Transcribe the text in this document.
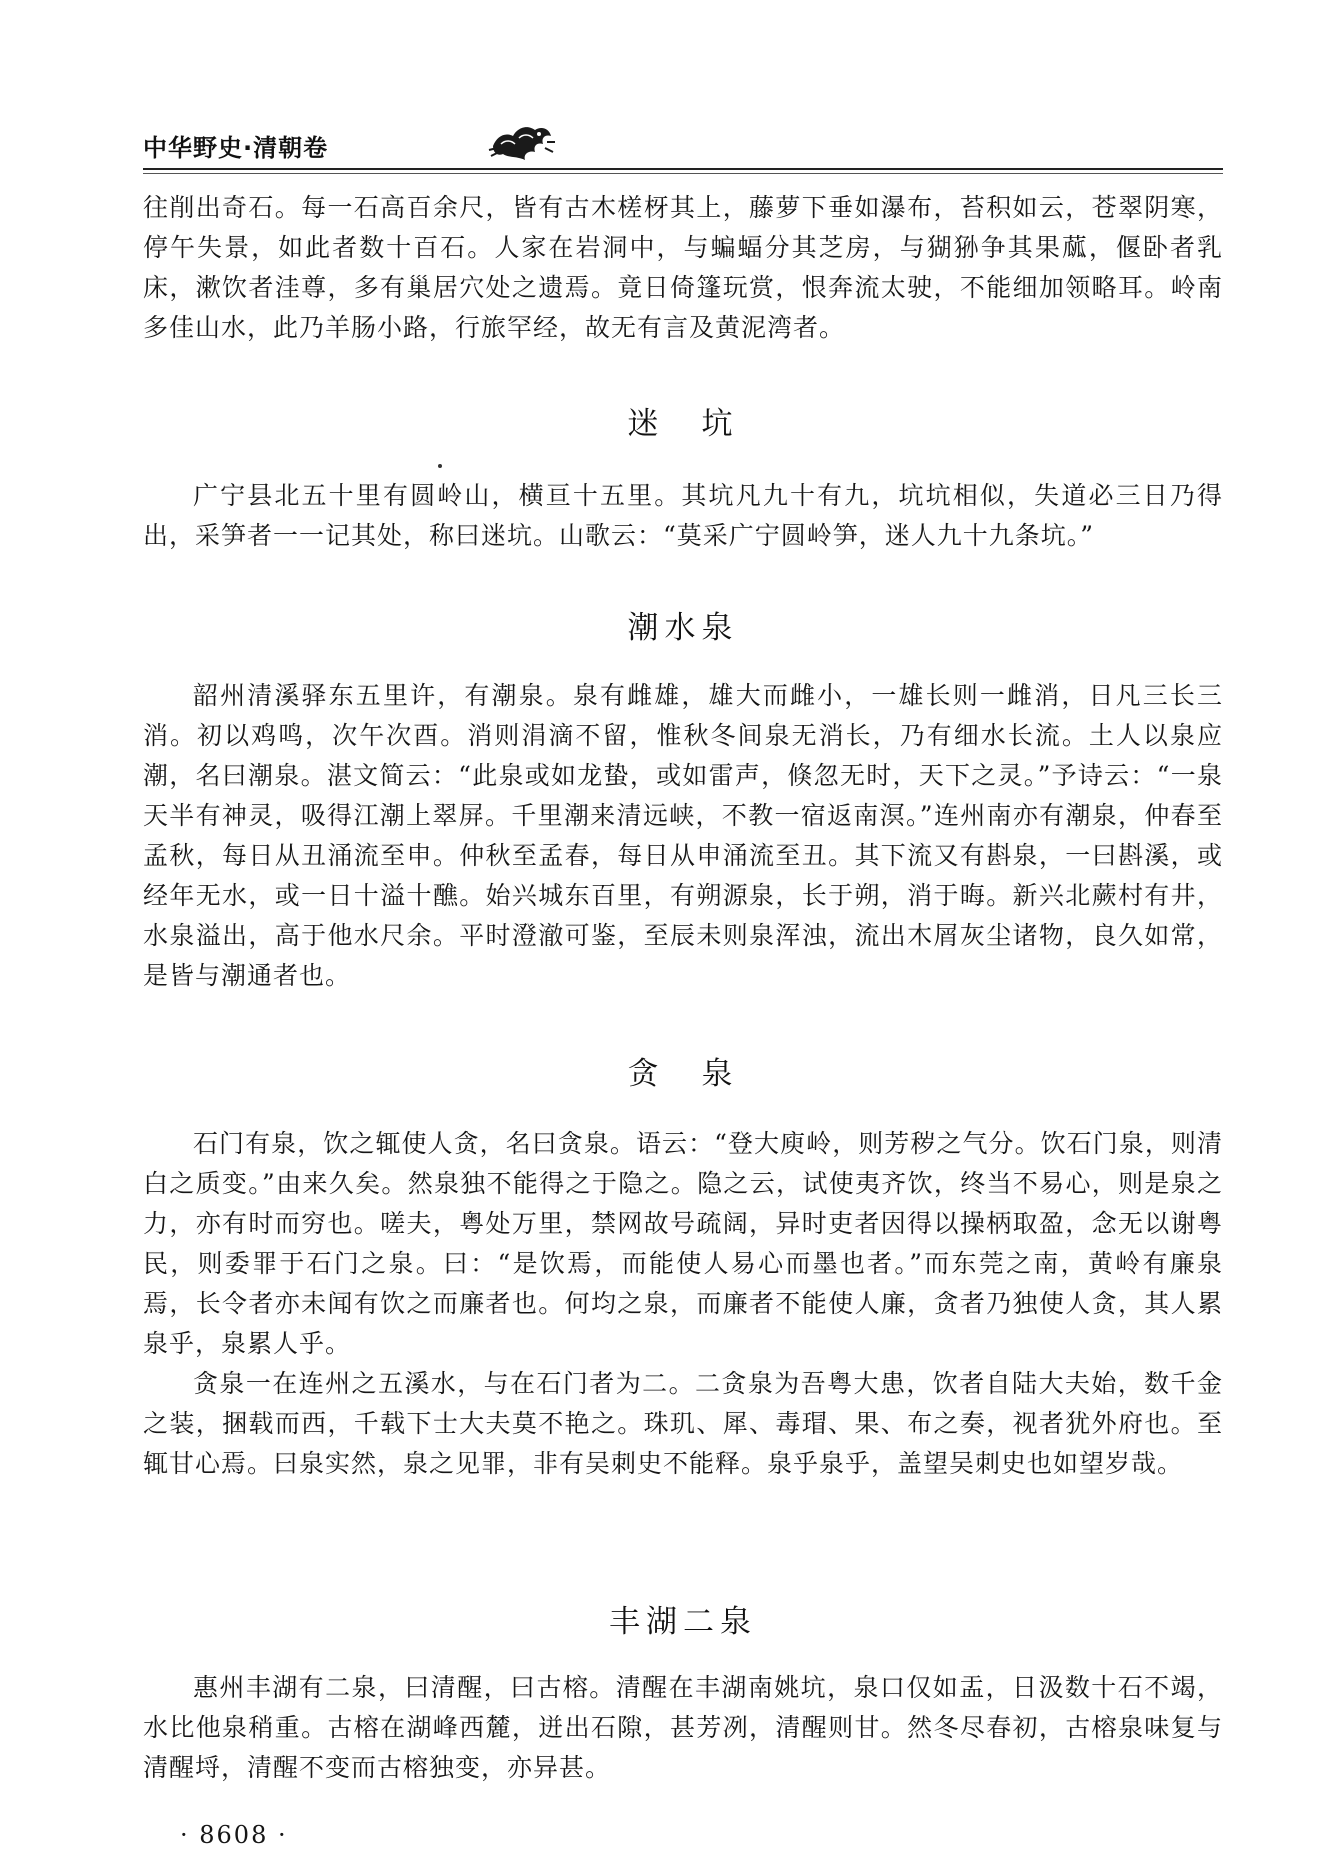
中华野史·清朝卷

往削出奇石。每一石高百余尺，皆有古木槎枒其上，藤萝下垂如瀑布，苔积如云，苍翠阴寒，停午失景，如此者数十百石。人家在岩洞中，与蝙蝠分其芝房，与猢狲争其果蓏，偃卧者乳床，漱饮者洼尊，多有巢居穴处之遗焉。竟日倚篷玩赏，恨奔流太驶，不能细加领略耳。岭南多佳山水，此乃羊肠小路，行旅罕经，故无有言及黄泥湾者。

迷　坑

广宁县北五十里有圆岭山，横亘十五里。其坑凡九十有九，坑坑相似，失道必三日乃得出，采笋者一一记其处，称曰迷坑。山歌云：“莫采广宁圆岭笋，迷人九十九条坑。”

潮水泉

韶州清溪驿东五里许，有潮泉。泉有雌雄，雄大而雌小，一雄长则一雌消，日凡三长三消。初以鸡鸣，次午次酉。消则涓滴不留，惟秋冬间泉无消长，乃有细水长流。土人以泉应潮，名曰潮泉。湛文简云：“此泉或如龙蛰，或如雷声，倏忽无时，天下之灵。”予诗云：“一泉天半有神灵，吸得江潮上翠屏。千里潮来清远峡，不教一宿返南溟。”连州南亦有潮泉，仲春至孟秋，每日从丑涌流至申。仲秋至孟春，每日从申涌流至丑。其下流又有斟泉，一曰斟溪，或经年无水，或一日十溢十醮。始兴城东百里，有朔源泉，长于朔，消于晦。新兴北蕨村有井，水泉溢出，高于他水尺余。平时澄澈可鉴，至辰未则泉浑浊，流出木屑灰尘诸物，良久如常，是皆与潮通者也。

贪　泉

石门有泉，饮之辄使人贪，名曰贪泉。语云：“登大庾岭，则芳秽之气分。饮石门泉，则清白之质变。”由来久矣。然泉独不能得之于隐之。隐之云，试使夷齐饮，终当不易心，则是泉之力，亦有时而穷也。嗟夫，粤处万里，禁网故号疏阔，异时吏者因得以操柄取盈，念无以谢粤民，则委罪于石门之泉。曰：“是饮焉，而能使人易心而墨也者。”而东莞之南，黄岭有廉泉焉，长令者亦未闻有饮之而廉者也。何均之泉，而廉者不能使人廉，贪者乃独使人贪，其人累泉乎，泉累人乎。

贪泉一在连州之五溪水，与在石门者为二。二贪泉为吾粤大患，饮者自陆大夫始，数千金之装，捆载而西，千载下士大夫莫不艳之。珠玑、犀、毒瑁、果、布之奏，视者犹外府也。至辄甘心焉。曰泉实然，泉之见罪，非有吴刺史不能释。泉乎泉乎，盖望吴刺史也如望岁哉。

丰湖二泉

惠州丰湖有二泉，曰清醒，曰古榕。清醒在丰湖南姚坑，泉口仅如盂，日汲数十石不竭，水比他泉稍重。古榕在湖峰西麓，迸出石隙，甚芳冽，清醒则甘。然冬尽春初，古榕泉味复与清醒埒，清醒不变而古榕独变，亦异甚。

· 8608 ·
